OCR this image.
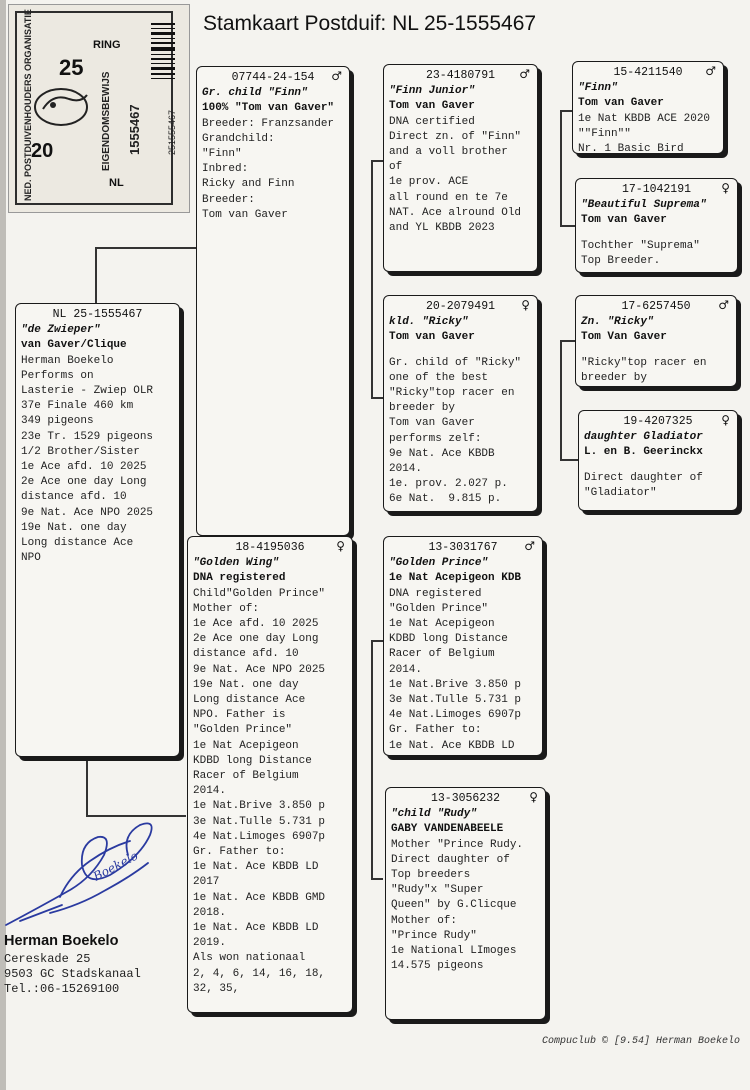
NED. POSTDUIVENHOUDERS ORGANISATIE 25
RING
20	EIGENDOMSBEWIJS
NL
1555467	251555467
Stamkaart Postduif: NL 25-1555467
NL 25-1555467
"de Zwieper"
van Gaver/Clique
Herman Boekelo
Performs on
Lasterie - Zwiep OLR
37e Finale 460 km
349 pigeons
23e Tr. 1529 pigeons
1/2 Brother/Sister
1e Ace afd. 10 2025
2e Ace one day Long
distance afd. 10
9e Nat. Ace NPO 2025
19e Nat. one day
Long distance Ace
NPO
07744-24-154 ♂
Gr. child "Finn"
100% "Tom van Gaver"
Breeder: Franzsander
Grandchild:
"Finn"
Inbred:
Ricky and Finn
Breeder:
Tom van Gaver
18-4195036	♀
"Golden Wing"
DNA registered
Child"Golden Prince"
Mother of:
1e Ace afd. 10 2025
2e Ace one day Long
distance afd. 10
9e Nat. Ace NPO 2025
19e Nat. one day
Long distance Ace
NPO. Father is
"Golden Prince"
1e Nat Acepigeon
KDBD long Distance
Racer of Belgium
2014.
1e Nat.Brive 3.850 p
3e Nat.Tulle 5.731 p
4e Nat.Limoges 6907p
Gr. Father to:
1e Nat. Ace KBDB LD
2017
1e Nat. Ace KBDB GMD
2018.
1e Nat. Ace KBDB LD
2019.
Als won nationaal
2, 4, 6, 14, 16, 18,
32, 35,
23-4180791 ♂
"Finn Junior"
Tom van Gaver
DNA certified
Direct zn. of "Finn"
and a voll brother
of
1e prov. ACE
all round en te 7e
NAT. Ace alround Old
and YL KBDB 2023
20-2079491 ♀
kld. "Ricky"
Tom van Gaver
Gr. child of "Ricky"
one of the best
"Ricky"top racer en
breeder by
Tom van Gaver
performs zelf:
9e Nat. Ace KBDB
2014.
1e. prov. 2.027 p.
6e Nat.  9.815 p.
13-3031767 ♂
"Golden Prince"
1e Nat Acepigeon KDB
DNA registered
"Golden Prince"
1e Nat Acepigeon
KDBD long Distance
Racer of Belgium
2014.
1e Nat.Brive 3.850 p
3e Nat.Tulle 5.731 p
4e Nat.Limoges 6907p
Gr. Father to:
1e Nat. Ace KBDB LD
13-3056232 ♀
"child "Rudy"
GABY VANDENABEELE
Mother "Prince Rudy.
Direct daughter of
Top breeders
"Rudy"x "Super
Queen" by G.Clicque
Mother of:
"Prince Rudy"
1e National LImoges
14.575 pigeons
15-4211540 ♂
"Finn"
Tom van Gaver
1e Nat KBDB ACE 2020
""Finn""
Nr. 1 Basic Bird
17-1042191	♀
"Beautiful Suprema"
Tom van Gaver
Tochther "Suprema"
Top Breeder.
17-6257450 ♂
Zn. "Ricky"
Tom Van Gaver
"Ricky"top racer en
breeder by
19-4207325 ♀
daughter Gladiator
L. en B. Geerinckx
Direct daughter of
"Gladiator"
Boekelo
Herman Boekelo
Cereskade 25
9503 GC Stadskanaal
Tel.:06-15269100
Compuclub © [9.54] Herman Boekelo
